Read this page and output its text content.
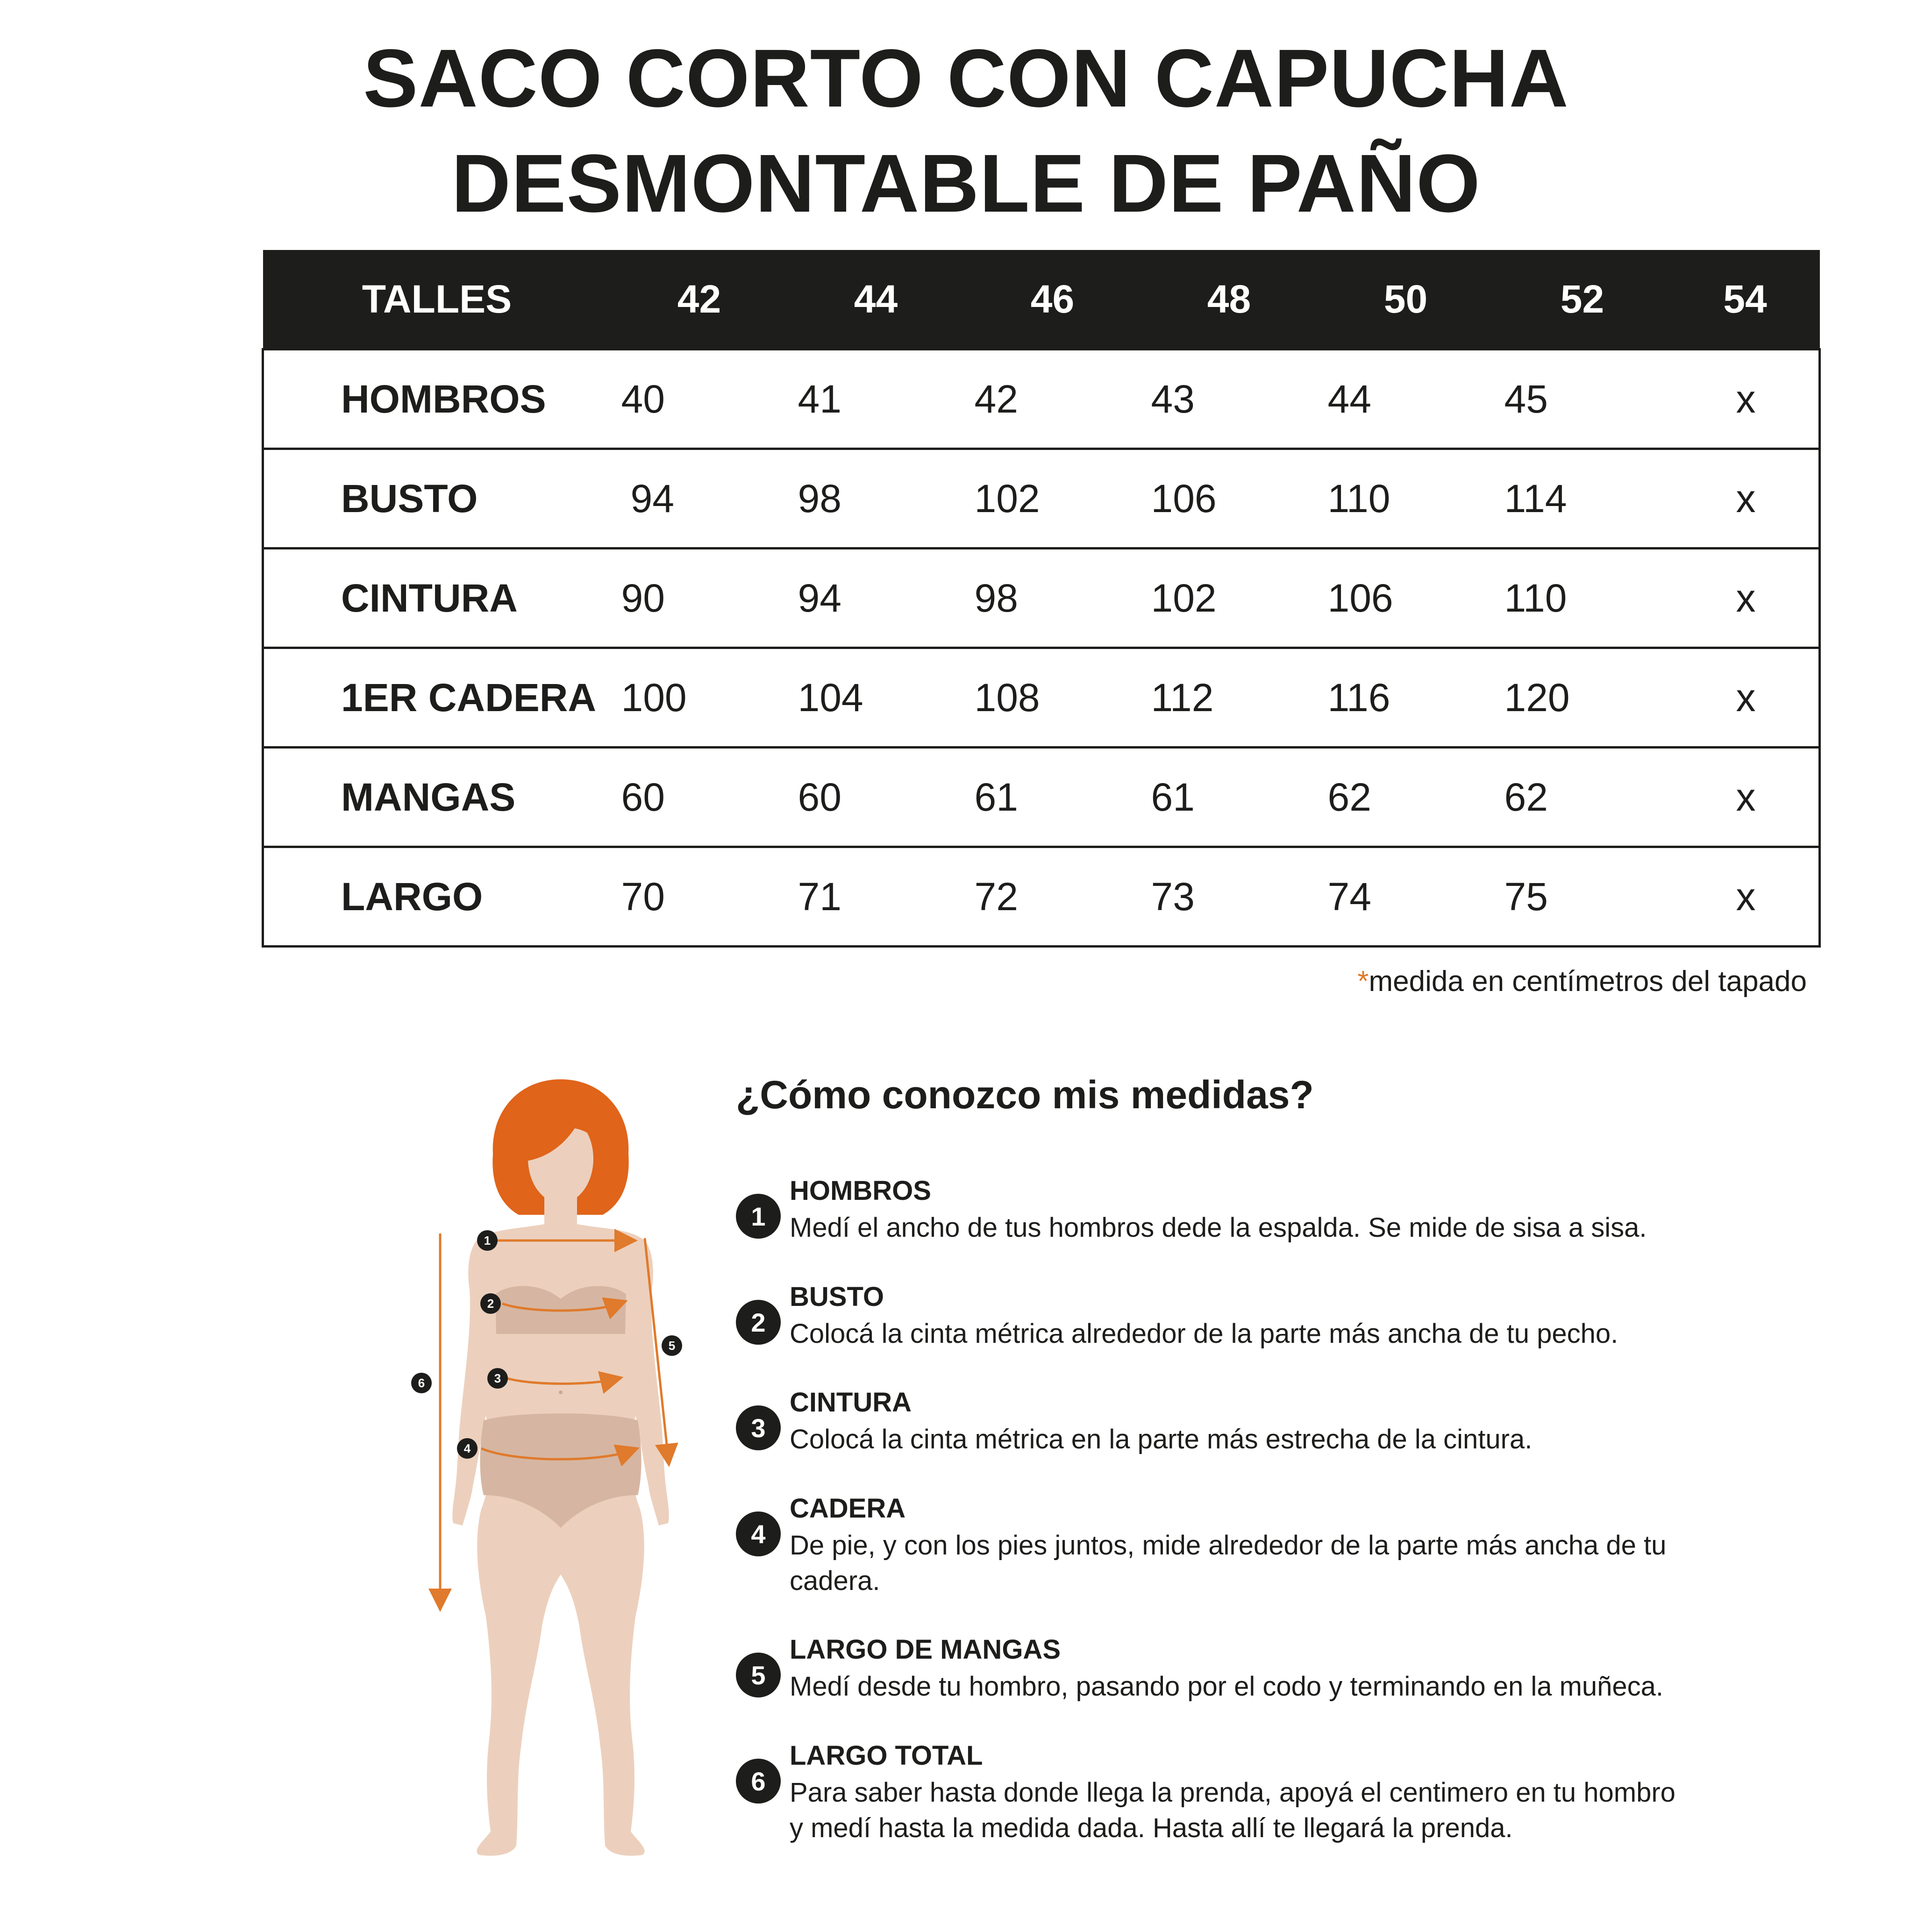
SACO CORTO CON CAPUCHA
DESMONTABLE DE PAÑO
TALLES	42	44	46	48	50	52	54
HOMBROS	40	41	42	43	44	45	x
BUSTO	94	98	102	106	110	114	x
CINTURA	90	94	98	102	106	110	x
1ER CADERA	100	104	108	112	116	120	x
MANGAS	60	60	61	61	62	62	x
LARGO	70	71	72	73	74	75	x
*medida en centímetros del tapado
1
2
3
4
5
6
¿Cómo conozco mis medidas?
1
HOMBROS
Medí el ancho de tus hombros dede la espalda. Se mide de sisa a sisa.
2
BUSTO
Colocá la cinta métrica alrededor de la parte más ancha de tu pecho.
3
CINTURA
Colocá la cinta métrica en la parte más estrecha de la cintura.
4
CADERA
De pie, y con los pies juntos, mide alrededor de la parte más ancha de tu cadera.
5
LARGO DE MANGAS
Medí desde tu hombro, pasando por el codo y terminando en la muñeca.
6
LARGO TOTAL
Para saber hasta donde llega la prenda, apoyá el centimero en tu hombro y medí hasta la medida dada. Hasta allí te llegará la prenda.
